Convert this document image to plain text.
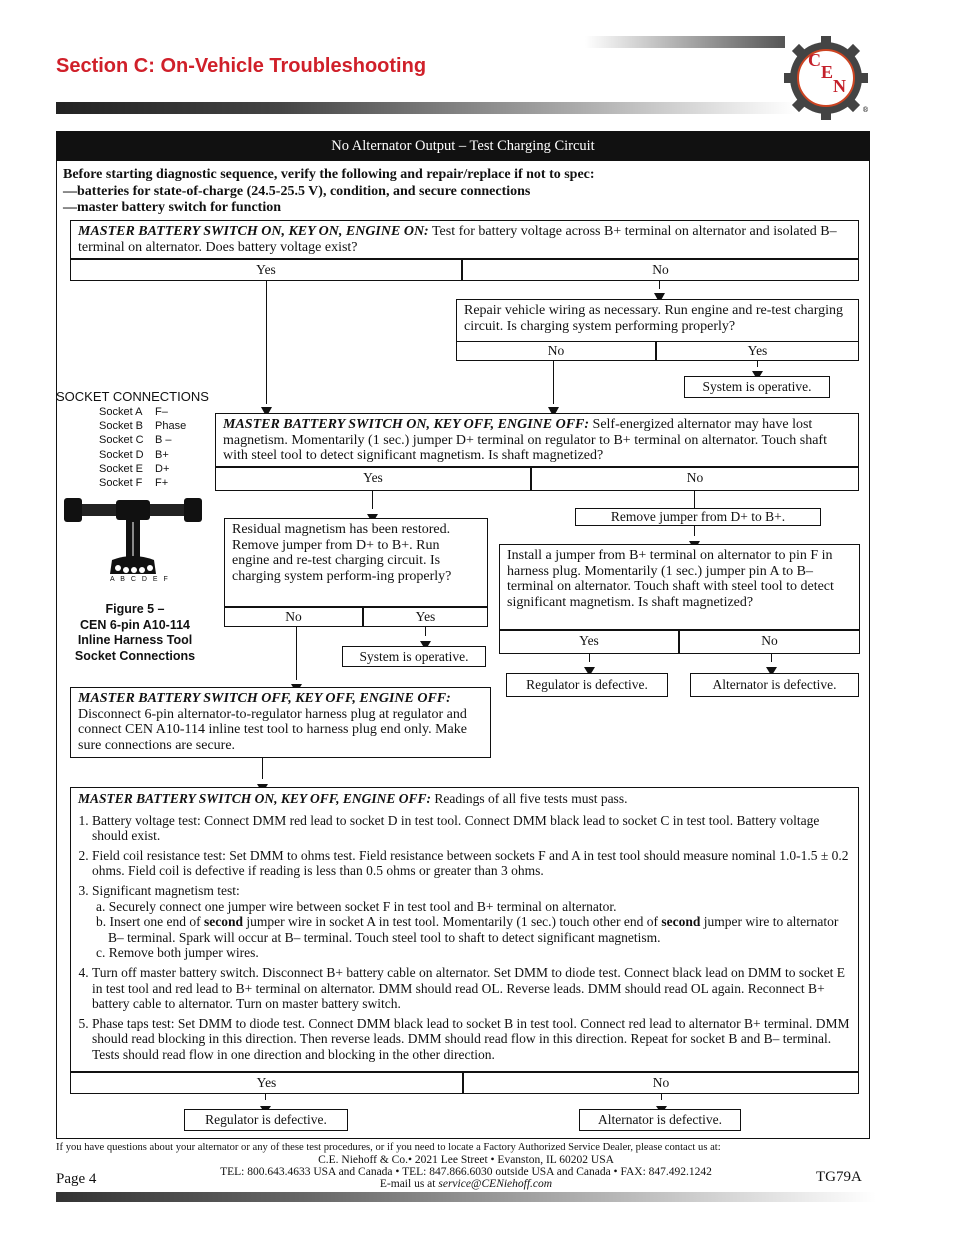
Section C: On-Vehicle Troubleshooting	C
E
N
®
No Alternator Output – Test Charging Circuit
Before starting diagnostic sequence, verify the following and repair/replace if not to spec:
—batteries for state-of-charge (24.5-25.5 V), condition, and secure connections
—master battery switch for function
MASTER BATTERY SWITCH ON, KEY ON, ENGINE ON: Test for battery voltage across B+ terminal on alternator and isolated B– terminal on alternator. Does battery voltage exist?
Yes	No
Repair vehicle wiring as necessary. Run engine and re-test charging circuit. Is charging system performing properly?
No	Yes
System is operative.
SOCKET CONNECTIONS
Socket A F–
Socket B Phase
Socket C B –
Socket D B+
Socket E D+
Socket F F+
A B C D E F
Figure 5 –
CEN 6-pin A10-114
Inline Harness Tool
Socket Connections
MASTER BATTERY SWITCH ON, KEY OFF, ENGINE OFF: Self-energized alternator may have lost magnetism. Momentarily (1 sec.) jumper D+ terminal on regulator to B+ terminal on alternator. Touch shaft with steel tool to detect significant magnetism. Is shaft magnetized?
Yes	No
Residual magnetism has been restored. Remove jumper from D+ to B+. Run engine and re-test charging circuit. Is charging system perform-ing properly?
No	Yes
System is operative.
Remove jumper from D+ to B+.
Install a jumper from B+ terminal on alternator to pin F in harness plug. Momentarily (1 sec.) jumper pin A to B– terminal on alternator. Touch shaft with steel tool to detect significant magnetism. Is shaft magnetized?
Yes	No
Regulator is defective.	Alternator is defective.
MASTER BATTERY SWITCH OFF, KEY OFF, ENGINE OFF: Disconnect 6-pin alternator-to-regulator harness plug at regulator and connect CEN A10-114 inline test tool to harness plug end only. Make sure connections are secure.
MASTER BATTERY SWITCH ON, KEY OFF, ENGINE OFF: Readings of all five tests must pass.
1. Battery voltage test: Connect DMM red lead to socket D in test tool. Connect DMM black lead to socket C in test tool. Battery voltage should exist.
2. Field coil resistance test: Set DMM to ohms test. Field resistance between sockets F and A in test tool should measure nominal 1.0-1.5 ± 0.2 ohms. Field coil is defective if reading is less than 0.5 ohms or greater than 3 ohms.
3. Significant magnetism test:
a. Securely connect one jumper wire between socket F in test tool and B+ terminal on alternator.
b. Insert one end of second jumper wire in socket A in test tool. Momentarily (1 sec.) touch other end of second jumper wire to alternator B– terminal. Spark will occur at B– terminal. Touch steel tool to shaft to detect significant magnetism.
c. Remove both jumper wires.
4. Turn off master battery switch. Disconnect B+ battery cable on alternator. Set DMM to diode test. Connect black lead on DMM to socket E in test tool and red lead to B+ terminal on alternator. DMM should read OL. Reverse leads. DMM should read OL again. Reconnect B+ battery cable to alternator. Turn on master battery switch.
5. Phase taps test: Set DMM to diode test. Connect DMM black lead to socket B in test tool. Connect red lead to alternator B+ terminal. DMM should read blocking in this direction. Then reverse leads. DMM should read flow in this direction. Repeat for socket B and B– terminal. Tests should read flow in one direction and blocking in the other direction.
Yes	No
Regulator is defective.	Alternator is defective.
If you have questions about your alternator or any of these test procedures, or if you need to locate a Factory Authorized Service Dealer, please contact us at:
C.E. Niehoff & Co.• 2021 Lee Street • Evanston, IL 60202 USA
TEL: 800.643.4633 USA and Canada • TEL: 847.866.6030 outside USA and Canada • FAX: 847.492.1242
E-mail us at service@CENiehoff.com
Page 4	TG79A
